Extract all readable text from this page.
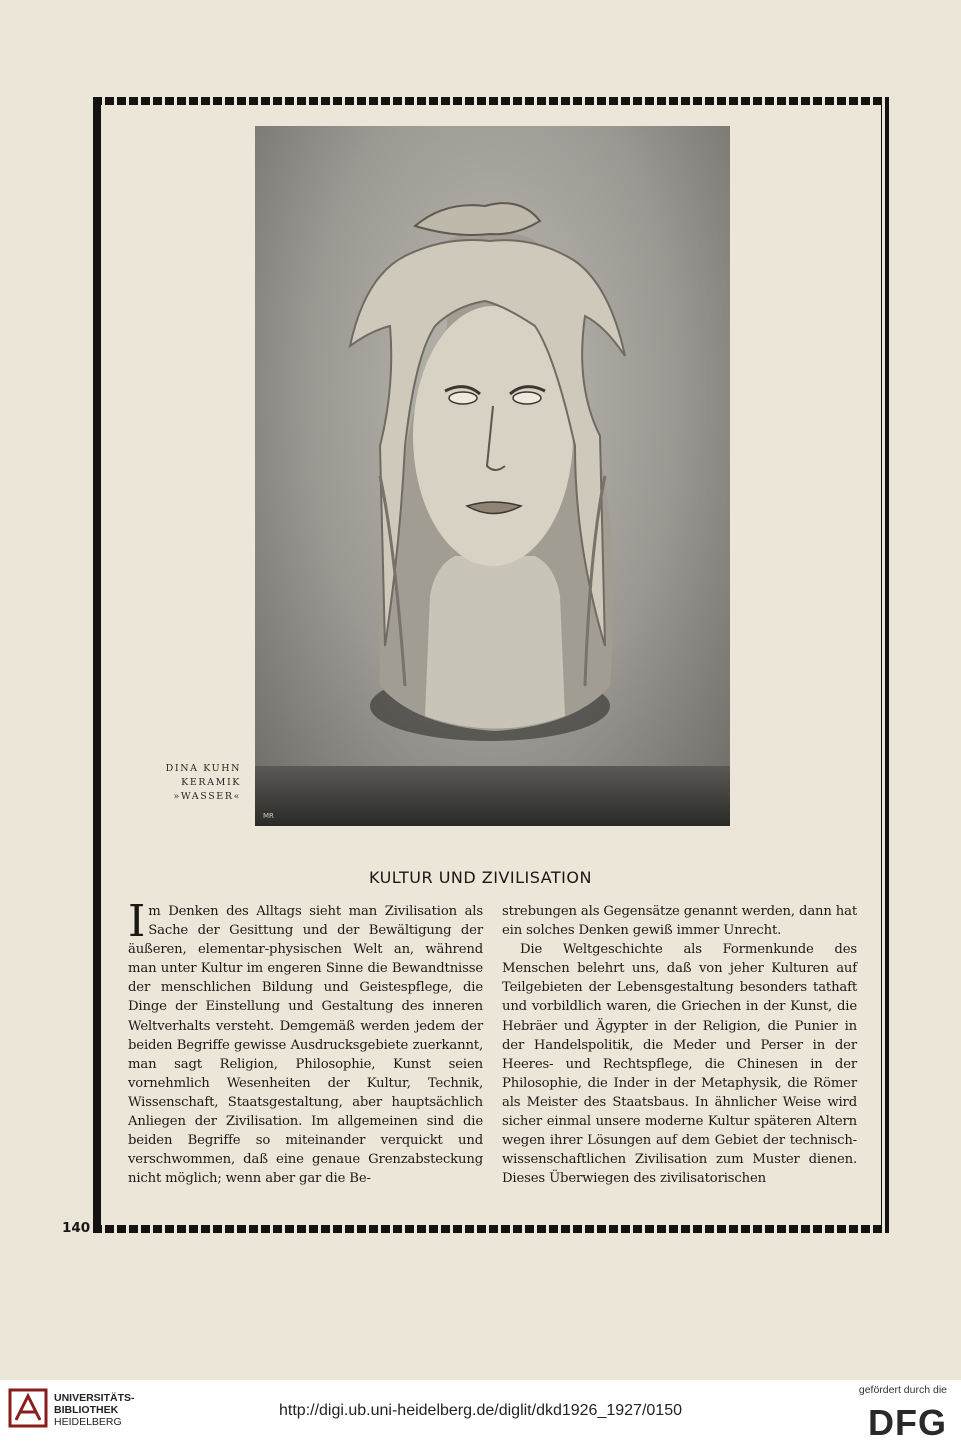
MR
DINA KUHN
KERAMIK
»WASSER«
KULTUR UND ZIVILISATION

Im Denken des Alltags sieht man Zivilisation als Sache der Gesittung und der Bewältigung der äußeren, elementar-physischen Welt an, während man unter Kultur im engeren Sinne die Bewandtnisse der menschlichen Bildung und Geistespflege, die Dinge der Einstellung und Gestaltung des inneren Weltverhalts versteht. Demgemäß werden jedem der beiden Begriffe gewisse Ausdrucksgebiete zuerkannt, man sagt Religion, Philosophie, Kunst seien vornehmlich Wesenheiten der Kultur, Technik, Wissenschaft, Staatsgestaltung, aber hauptsächlich Anliegen der Zivilisation. Im allgemeinen sind die beiden Begriffe so miteinander verquickt und verschwommen, daß eine genaue Grenzabsteckung nicht möglich; wenn aber gar die Be-

strebungen als Gegensätze genannt werden, dann hat ein solches Denken gewiß immer Unrecht.

Die Weltgeschichte als Formenkunde des Menschen belehrt uns, daß von jeher Kulturen auf Teilgebieten der Lebensgestaltung besonders tathaft und vorbildlich waren, die Griechen in der Kunst, die Hebräer und Ägypter in der Religion, die Punier in der Handelspolitik, die Meder und Perser in der Heeres- und Rechtspflege, die Chinesen in der Philosophie, die Inder in der Metaphysik, die Römer als Meister des Staatsbaus. In ähnlicher Weise wird sicher einmal unsere moderne Kultur späteren Altern wegen ihrer Lösungen auf dem Gebiet der technisch-wissenschaftlichen Zivilisation zum Muster dienen. Dieses Überwiegen des zivilisatorischen

140
UNIVERSITÄTS-
BIBLIOTHEK
HEIDELBERG
http://digi.ub.uni-heidelberg.de/diglit/dkd1926_1927/0150
gefördert durch die
DFG
